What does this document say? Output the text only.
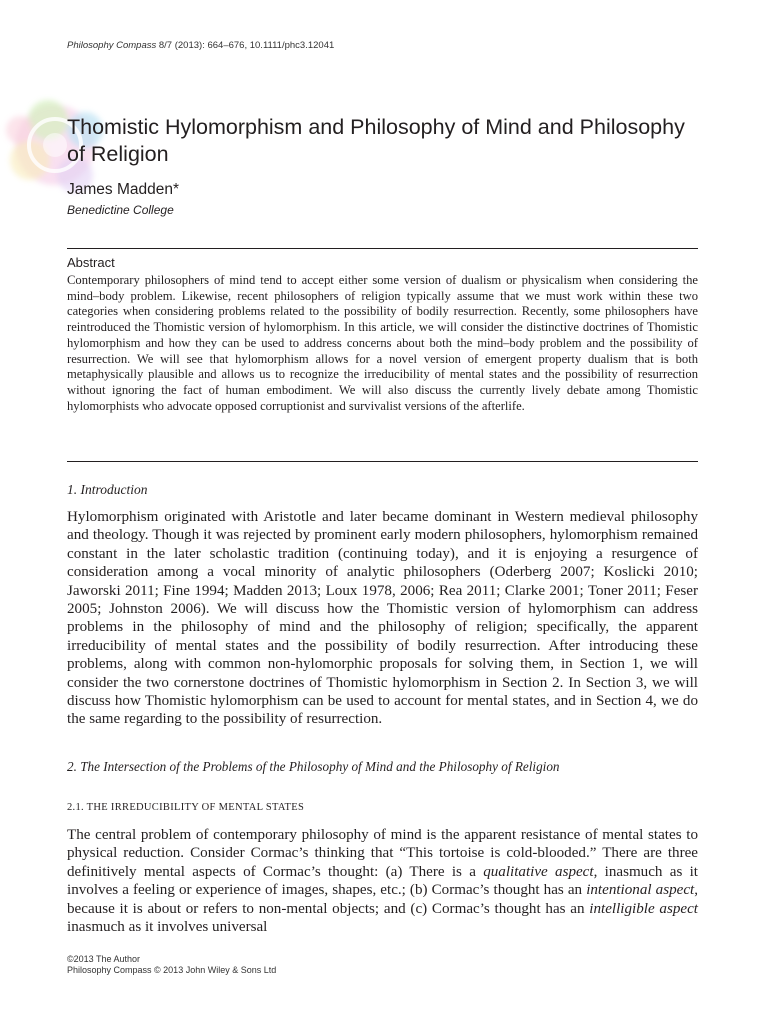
Philosophy Compass 8/7 (2013): 664–676, 10.1111/phc3.12041
Thomistic Hylomorphism and Philosophy of Mind and Philosophy of Religion
James Madden*
Benedictine College
Abstract

Contemporary philosophers of mind tend to accept either some version of dualism or physicalism when considering the mind–body problem. Likewise, recent philosophers of religion typically assume that we must work within these two categories when considering problems related to the possibility of bodily resurrection. Recently, some philosophers have reintroduced the Thomistic version of hylomorphism. In this article, we will consider the distinctive doctrines of Thomistic hylomorphism and how they can be used to address concerns about both the mind–body problem and the possibility of resurrection. We will see that hylomorphism allows for a novel version of emergent property dualism that is both metaphysically plausible and allows us to recognize the irreducibility of mental states and the possibility of resurrection without ignoring the fact of human embodiment. We will also discuss the currently lively debate among Thomistic hylomorphists who advocate opposed corruptionist and survivalist versions of the afterlife.

1. Introduction

Hylomorphism originated with Aristotle and later became dominant in Western medieval philosophy and theology. Though it was rejected by prominent early modern philosophers, hylomorphism remained constant in the later scholastic tradition (continuing today), and it is enjoying a resurgence of consideration among a vocal minority of analytic philosophers (Oderberg 2007; Koslicki 2010; Jaworski 2011; Fine 1994; Madden 2013; Loux 1978, 2006; Rea 2011; Clarke 2001; Toner 2011; Feser 2005; Johnston 2006). We will discuss how the Thomistic version of hylomorphism can address problems in the philosophy of mind and the philosophy of religion; specifically, the apparent irreducibility of mental states and the possibility of bodily resurrection. After introducing these problems, along with common non-hylomorphic proposals for solving them, in Section 1, we will consider the two cornerstone doctrines of Thomistic hylomorphism in Section 2. In Section 3, we will discuss how Thomistic hylomorphism can be used to account for mental states, and in Section 4, we do the same regarding to the possibility of resurrection.

2. The Intersection of the Problems of the Philosophy of Mind and the Philosophy of Religion
2.1. THE IRREDUCIBILITY OF MENTAL STATES

The central problem of contemporary philosophy of mind is the apparent resistance of mental states to physical reduction. Consider Cormac’s thinking that “This tortoise is cold-blooded.” There are three definitively mental aspects of Cormac’s thought: (a) There is a qualitative aspect, inasmuch as it involves a feeling or experience of images, shapes, etc.; (b) Cormac’s thought has an intentional aspect, because it is about or refers to non-mental objects; and (c) Cormac’s thought has an intelligible aspect inasmuch as it involves universal

©2013 The Author
Philosophy Compass © 2013 John Wiley & Sons Ltd
